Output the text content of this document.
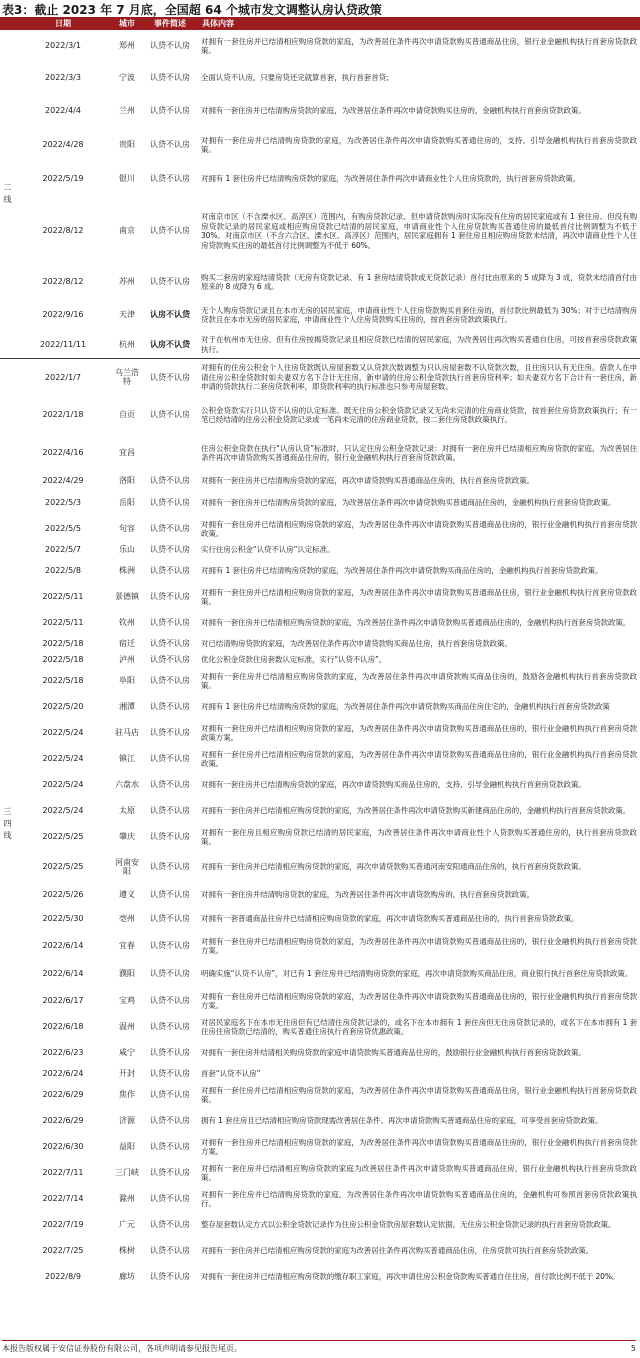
表3：截止 2023 年 7 月底，全国超 64 个城市发文调整认房认贷政策
	日期	城市	事件简述	具体内容

二线	2022/3/1	郑州	认贷不认房	对拥有一套住房并已结清相应购房贷款的家庭，为改善居住条件再次申请贷款购买普通商品住房，银行业金融机构执行首套房贷款政策。
	2022/3/3	宁波	认贷不认房	全面认贷不认房，只要房贷还完就算首套，执行首套首贷；
	2022/4/4	兰州	认贷不认房	对拥有一套住房并已结清购房贷款的家庭，为改善居住条件再次申请贷款购买住房的，金融机构执行首套房贷款政策。
	2022/4/28	贵阳	认贷不认房	对拥有一套住房并已结清购房贷款的家庭，为改善居住条件再次申请贷款购买普通住房的，支持、引导金融机构执行首套房贷款政策。
	2022/5/19	银川	认贷不认房	对拥有 1 套住房并已结清购房贷款的家庭，为改善居住条件再次申请商业性个人住房贷款的，执行首套房贷款政策。
	2022/8/12	南京	认贷不认房	对南京市区（不含溧水区、高淳区）范围内，有购房贷款记录、但申请贷款购房时实际没有住房的居民家庭或有 1 套住房、但没有购房贷款记录的居民家庭或相应购房贷款已结清的居民家庭，申请商业性个人住房贷款购买普通住房的最低首付比例调整为不低于 30%。对南京市区（不含六合区、溧水区、高淳区）范围内，居民家庭拥有 1 套住房且相应购房贷款未结清，再次申请商业性个人住房贷款购买住房的最低首付比例调整为不低于 60%。
	2022/8/12	苏州	认贷不认房	购买二套房的家庭结清贷款（无房有贷款记录、有 1 套房结清贷款或无贷款记录）首付比由原来的 5 成降为 3 成，贷款未结清首付由原来的 8 成降为 6 成。
	2022/9/16	天津	认房不认贷	无个人购房贷款记录且在本市无房的居民家庭，申请商业性个人住房贷款购买首套住房的，首付款比例最低为 30%；对于已结清购房贷款且在本市无房的居民家庭，申请商业性个人住房贷款购买住房的，按首套房贷款政策执行。
	2022/11/11	杭州	认房不认贷	对于在杭州市无住房、但有住房按揭贷款记录且相应贷款已结清的居民家庭，为改善居住再次购买普通自住房，可按首套房贷款政策执行。

三四线	2022/1/7	乌兰浩特	认贷不认房	对拥有的住房公积金个人住房贷款既认房屋套数又认贷款次数调整为只认房屋套数不认贷款次数，且住房只认有无住房。借款人在申请住房公积金贷款时如夫妻双方名下合计无住房，新申请的住房公积金贷款执行首套房贷利率；如夫妻双方名下合计有一套住房，新申请的贷款执行二套房贷款利率，即贷款利率的执行标准也只参考房屋套数。
	2022/1/18	自贡	认贷不认房	公积金贷款实行只认贷不认房的认定标准。既无住房公积金贷款记录又无尚未完清的住房商业贷款，按首套住房贷款政策执行；有一笔已经结清的住房公积金贷款记录或一笔尚未完清的住房商业贷款，按二套住房贷款政策执行。
	2022/4/16	宜昌		住房公积金贷款在执行“认房认贷”标准时，只认定住房公积金贷款记录：对拥有一套住房并已结清相应购房贷款的家庭，为改善居住条件再次申请贷款购买普通商品住房的，银行业金融机构执行首套房贷款政策。
	2022/4/29	洛阳	认贷不认房	对拥有一套住房并已结清购房贷款的家庭，再次申请贷款购买普通商品住房的，执行首套房贷款政策。
	2022/5/3	岳阳	认贷不认房	对拥有一套住房并已结清购房贷款的家庭，为改善居住条件再次申请贷款购买普通商品住房的，金融机构执行首套房贷款政策。
	2022/5/5	句容	认贷不认房	对拥有一套住房并已结清相应购房贷款的家庭，为改善居住条件再次申请贷款购买普通商品住房的，银行业金融机构执行首套房贷款政策。
	2022/5/7	乐山	认贷不认房	实行住房公积金“认贷不认房”认定标准。
	2022/5/8	株洲	认贷不认房	对拥有 1 套住房并已结清购房贷款的家庭，为改善居住条件再次申请贷款购买商品住房的，金融机构执行首套房贷款政策。
	2022/5/11	景德镇	认贷不认房	对拥有一套住房并已结清相应购房贷款的家庭，为改善居住条件再次申请贷款购买普通商品住房，银行业金融机构执行首套房贷款政策。
	2022/5/11	钦州	认贷不认房	对拥有一套住房并已结清相应购房贷款的家庭，为改善居住条件再次申请贷款购买普通商品住房的，金融机构执行首套房贷款政策。
	2022/5/18	宿迁	认贷不认房	对已结清购房贷款的家庭，为改善居住条件再次申请贷款购买商品住房，执行首套房贷款政策。
	2022/5/18	泸州	认贷不认房	优化公积金贷款住房套数认定标准，实行“认贷不认房”。
	2022/5/18	阜阳	认贷不认房	对拥有一套住房并已结清相应购房贷款的家庭，为改善居住条件再次申请贷款购买商品住房的，鼓励各金融机构执行首套房贷款政策。
	2022/5/20	湘潭	认贷不认房	对拥有 1 套住房并已结清购房贷款的家庭，为改善居住条件再次申请贷款购买商品住房住宅的，金融机构执行首套房贷款政策
	2022/5/24	驻马店	认贷不认房	对拥有一套住房并已结清相应购房贷款的家庭，为改善居住条件再次申请贷款购买普通商品住房的，银行业金融机构执行首套房贷款政策方案。
	2022/5/24	镇江	认贷不认房	对拥有一套住房并已结清相应购房贷款的家庭，为改善居住条件再次申请贷款购买普通商品住房的，银行业金融机构执行首套房贷款政策。
	2022/5/24	六盘水	认贷不认房	对拥有一套住房并已结清购房贷款的家庭，再次申请贷款购买商品住房的，支持、引导金融机构执行首套房贷款政策。
	2022/5/24	太原	认贷不认房	对拥有一套住房并已结清相应购房贷款的家庭，为改善居住条件再次申请贷款购买新建商品住房的，金融机构执行首套房贷款政策。
	2022/5/25	肇庆	认贷不认房	对拥有一套住房且相应购房贷款已结清的居民家庭，为改善居住条件再次申请商业性个人贷款购买普通住房的，执行首套房贷款政策。
	2022/5/25	河南安阳	认贷不认房	对拥有一套住房并已结清相应购房贷款的家庭，再次申请贷款购买普通河南安阳通商品住房的，执行首套房贷款政策。
	2022/5/26	遵义	认贷不认房	对拥有一套住房并结清购房贷款的家庭，为改善居住条件再次申请贷款购房的，执行首套房贷款政策。
	2022/5/30	亳州	认贷不认房	对拥有一套普通商品住房并已结清相应购房贷款的家庭，再次申请贷款购买普通商品住房的，执行首套房贷款政策。
	2022/6/14	宜春	认贷不认房	对拥有一套住房并已结清相应购房贷款的家庭，为改善居住条件再次申请贷款购买普通商品住房的，银行业金融机构执行首套房贷款方案。
	2022/6/14	濮阳	认贷不认房	明确实施“认贷不认房”，对已有 1 套住房并已结清购房贷款的家庭，再次申请贷款购买商品住房，商业银行执行首套住房贷款政策。
	2022/6/17	宝鸡	认贷不认房	对拥有一套住房并已结清相应购房贷款的家庭，为改善居住条件再次申请贷款购买普通商品住房的，银行业金融机构执行首套房贷款方案。
	2022/6/18	温州	认贷不认房	对居民家庭名下在本市无住房但有已结清住房贷款记录的，或名下在本市拥有 1 套住房但无住房贷款记录的，或名下在本市拥有 1 套住房住房贷款已结清的，购买普通住房执行首套房贷优惠政策。
	2022/6/23	咸宁	认贷不认房	对拥有一套住房并结清相关购房贷款的家庭申请贷款购买普通商品住房的，鼓励银行业金融机构执行首套房贷款政策。
	2022/6/24	开封	认贷不认房	首套“认贷不认房”
	2022/6/29	焦作	认贷不认房	对拥有一套住房并已结清相应购房贷款的家庭，为改善居住条件再次申请贷款购买普通商品住房，银行业金融机构执行首套房贷款政策。
	2022/6/29	济源	认贷不认房	拥有 1 套住房且已结清相应购房贷款现需改善居住条件、再次申请贷款购买普通商品住房的家庭，可享受首套房贷款政策。
	2022/6/30	益阳	认贷不认房	对拥有一套住房并已结清相应购房贷款的家庭，为改善居住条件再次申请贷款购买普通商品住房的，银行业金融机构执行首套房贷款方案。
	2022/7/11	三门峡	认贷不认房	对拥有一套住房并已结清相应购房贷款的家庭为改善居住条件再次申请贷款购买普通商品住房，银行业金融机构执行首套房贷款政策。
	2022/7/14	滁州	认贷不认房	对拥有一套住房并已结清购房贷款的家庭，为改善居住条件再次申请贷款购买普通商品住房的，金融机构可参照首套房贷款政策执行。
	2022/7/19	广元	认贷不认房	整存屋套数认定方式以公积金贷款记录作为住房公积金贷款房屋套数认定依据，无住房公积金贷款记录的执行首套房贷款政策。
	2022/7/25	株树	认贷不认房	对拥有一套住房并已结清相应购房贷款的家庭为改善居住条件再次购买普通商品住房，住房贷款可执行首套房贷款政策。
	2022/8/9	廊坊	认贷不认房	对拥有一套住房并已结清相应购房贷款的缴存职工家庭，再次申请住房公积金贷款购买普通自住住房，首付款比例不低于 20%。
本报告版权属于安信证券股份有限公司，各项声明请参见报告尾页。	5
